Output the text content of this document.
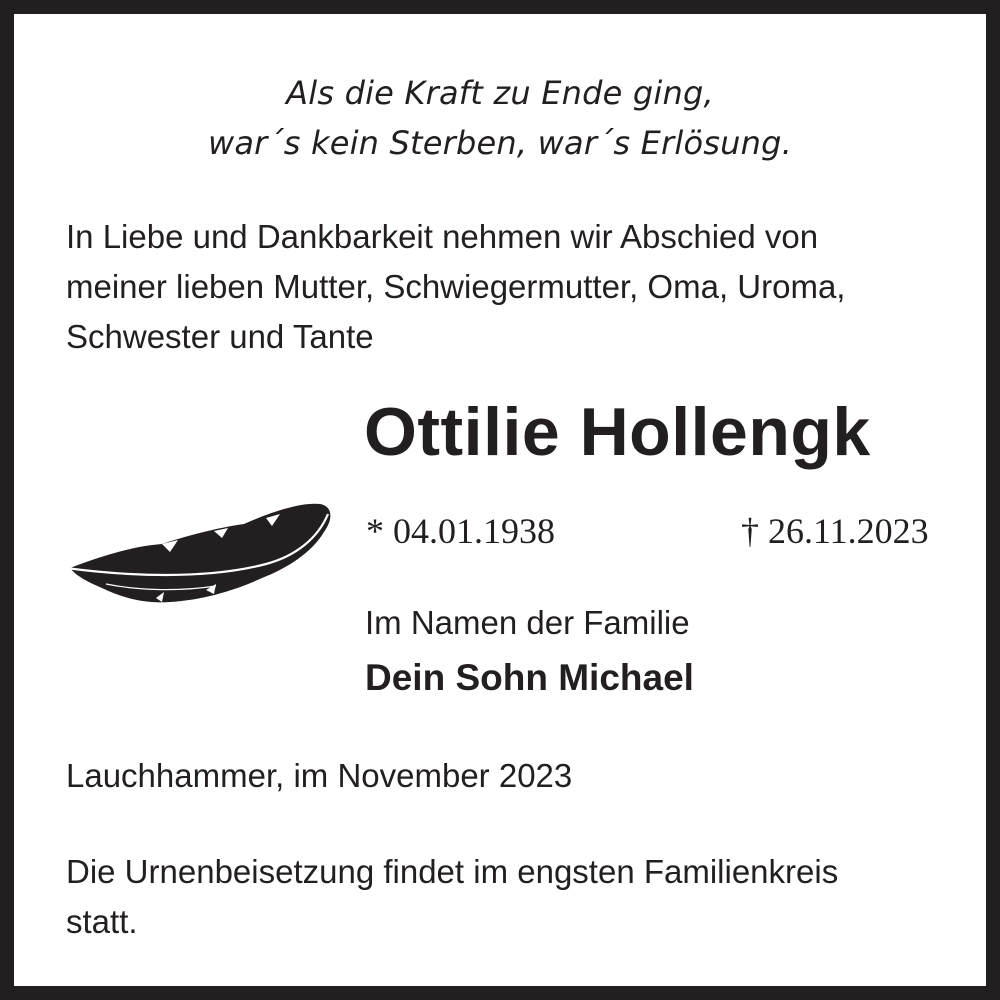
Als die Kraft zu Ende ging,
war´s kein Sterben, war´s Erlösung.
In Liebe und Dankbarkeit nehmen wir Abschied von
meiner lieben Mutter, Schwiegermutter, Oma, Uroma,
Schwester und Tante
Ottilie Hollengk
* 04.01.1938	† 26.11.2023
Im Namen der Familie
Dein Sohn Michael
Lauchhammer, im November 2023
Die Urnenbeisetzung findet im engsten Familienkreis
statt.
